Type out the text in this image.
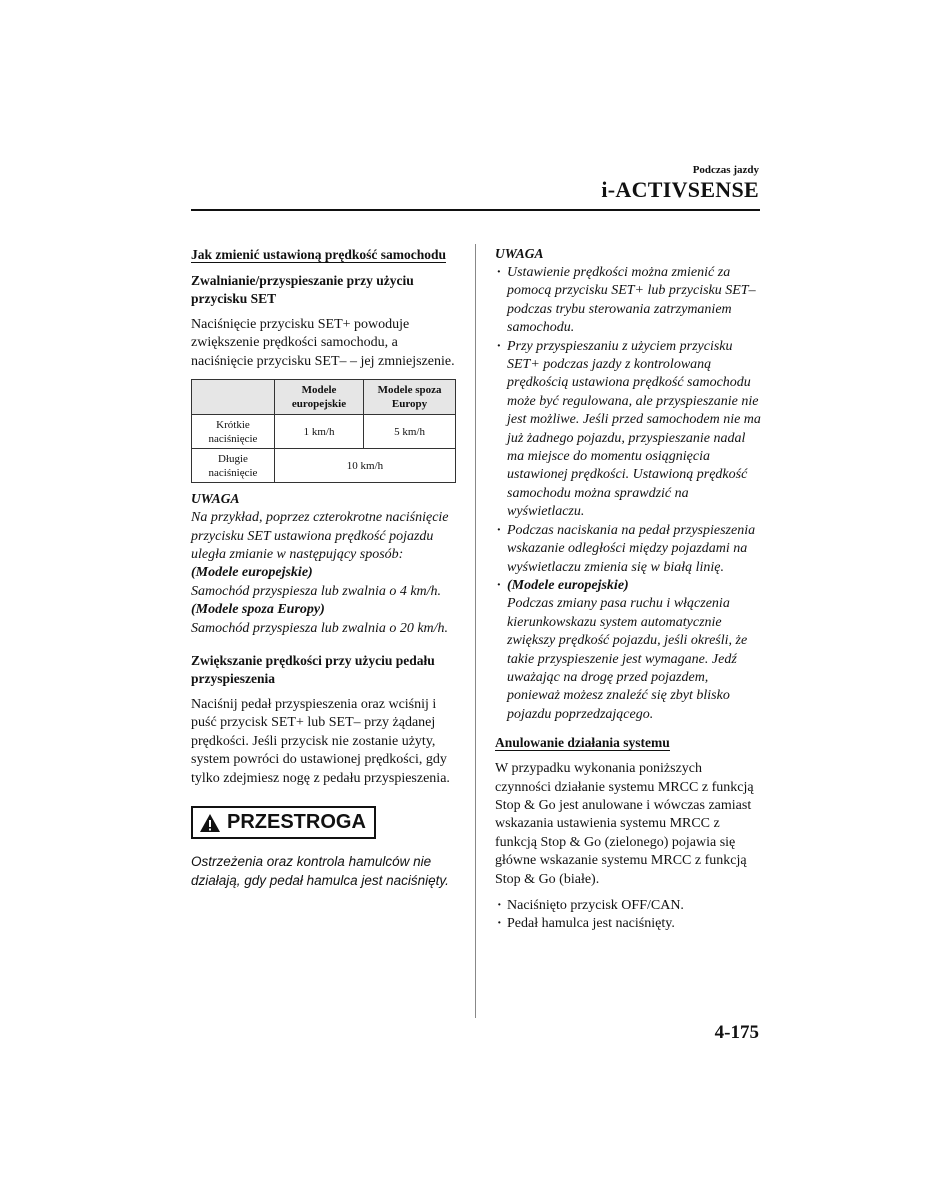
Podczas jazdy
i-ACTIVSENSE
Jak zmienić ustawioną prędkość samochodu
Zwalnianie/przyspieszanie przy użyciu przycisku SET

Naciśnięcie przycisku SET+ powoduje zwiększenie prędkości samochodu, a naciśnięcie przycisku SET– – jej zmniejszenie.

	Modele europejskie	Modele spoza Europy
Krótkie naciśnięcie	1 km/h	5 km/h
Długie naciśnięcie	10 km/h	
UWAGA
Na przykład, poprzez czterokrotne naciśnięcie przycisku SET ustawiona prędkość pojazdu uległa zmianie w następujący sposób:
(Modele europejskie)
Samochód przyspiesza lub zwalnia o 4 km/h.
(Modele spoza Europy)
Samochód przyspiesza lub zwalnia o 20 km/h.
Zwiększanie prędkości przy użyciu pedału przyspieszenia

Naciśnij pedał przyspieszenia oraz wciśnij i puść przycisk SET+ lub SET– przy żądanej prędkości. Jeśli przycisk nie zostanie użyty, system powróci do ustawionej prędkości, gdy tylko zdejmiesz nogę z pedału przyspieszenia.

PRZESTROGA
Ostrzeżenia oraz kontrola hamulców nie działają, gdy pedał hamulca jest naciśnięty.
UWAGA
· Ustawienie prędkości można zmienić za pomocą przycisku SET+ lub przycisku SET– podczas trybu sterowania zatrzymaniem samochodu.
· Przy przyspieszaniu z użyciem przycisku SET+ podczas jazdy z kontrolowaną prędkością ustawiona prędkość samochodu może być regulowana, ale przyspieszanie nie jest możliwe. Jeśli przed samochodem nie ma już żadnego pojazdu, przyspieszanie nadal ma miejsce do momentu osiągnięcia ustawionej prędkości. Ustawioną prędkość samochodu można sprawdzić na wyświetlaczu.
· Podczas naciskania na pedał przyspieszenia wskazanie odległości między pojazdami na wyświetlaczu zmienia się w białą linię.
· (Modele europejskie)
Podczas zmiany pasa ruchu i włączenia kierunkowskazu system automatycznie zwiększy prędkość pojazdu, jeśli określi, że takie przyspieszenie jest wymagane. Jedź uważając na drogę przed pojazdem, ponieważ możesz znaleźć się zbyt blisko pojazdu poprzedzającego.
Anulowanie działania systemu

W przypadku wykonania poniższych czynności działanie systemu MRCC z funkcją Stop & Go jest anulowane i wówczas zamiast wskazania ustawienia systemu MRCC z funkcją Stop & Go (zielonego) pojawia się główne wskazanie systemu MRCC z funkcją Stop & Go (białe).

· Naciśnięto przycisk OFF/CAN.
· Pedał hamulca jest naciśnięty.
4-175
